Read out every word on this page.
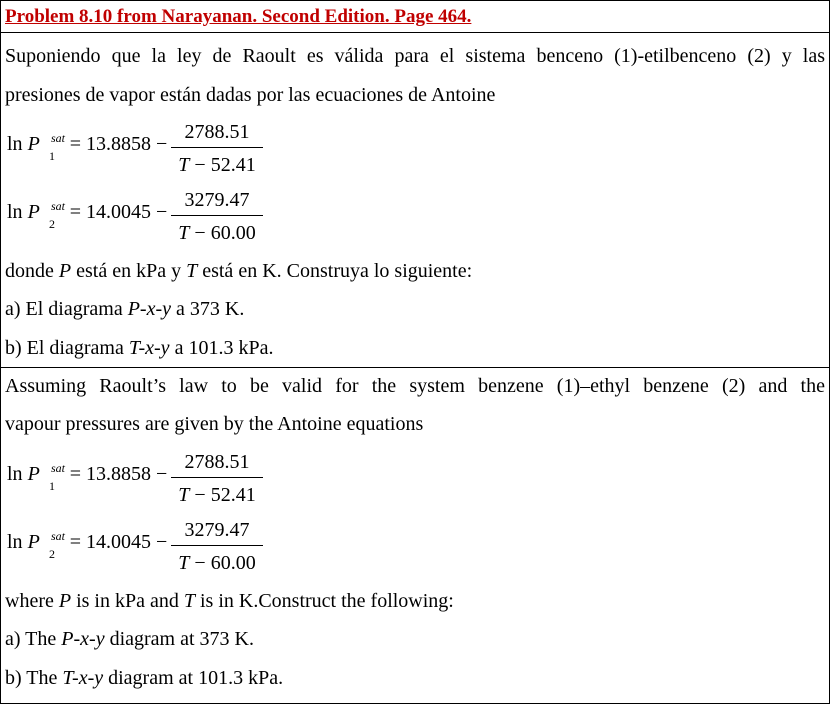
Problem 8.10 from Narayanan. Second Edition. Page 464.
Suponiendo que la ley de Raoult es válida para el sistema benceno (1)-etilbenceno (2) y las
presiones de vapor están dadas por las ecuaciones de Antoine
ln P = 13.8858 −
sat
1
2788.51
T − 52.41
ln P = 14.0045 −
sat
2
3279.47
T − 60.00
donde P está en kPa y T está en K. Construya lo siguiente:
a) El diagrama P-x-y a 373 K.
b) El diagrama T-x-y a 101.3 kPa.
Assuming Raoult’s law to be valid for the system benzene (1)–ethyl benzene (2) and the
vapour pressures are given by the Antoine equations
ln P = 13.8858 −
sat
1
2788.51
T − 52.41
ln P = 14.0045 −
sat
2
3279.47
T − 60.00
where P is in kPa and T is in K.Construct the following:
a) The P-x-y diagram at 373 K.
b) The T-x-y diagram at 101.3 kPa.
